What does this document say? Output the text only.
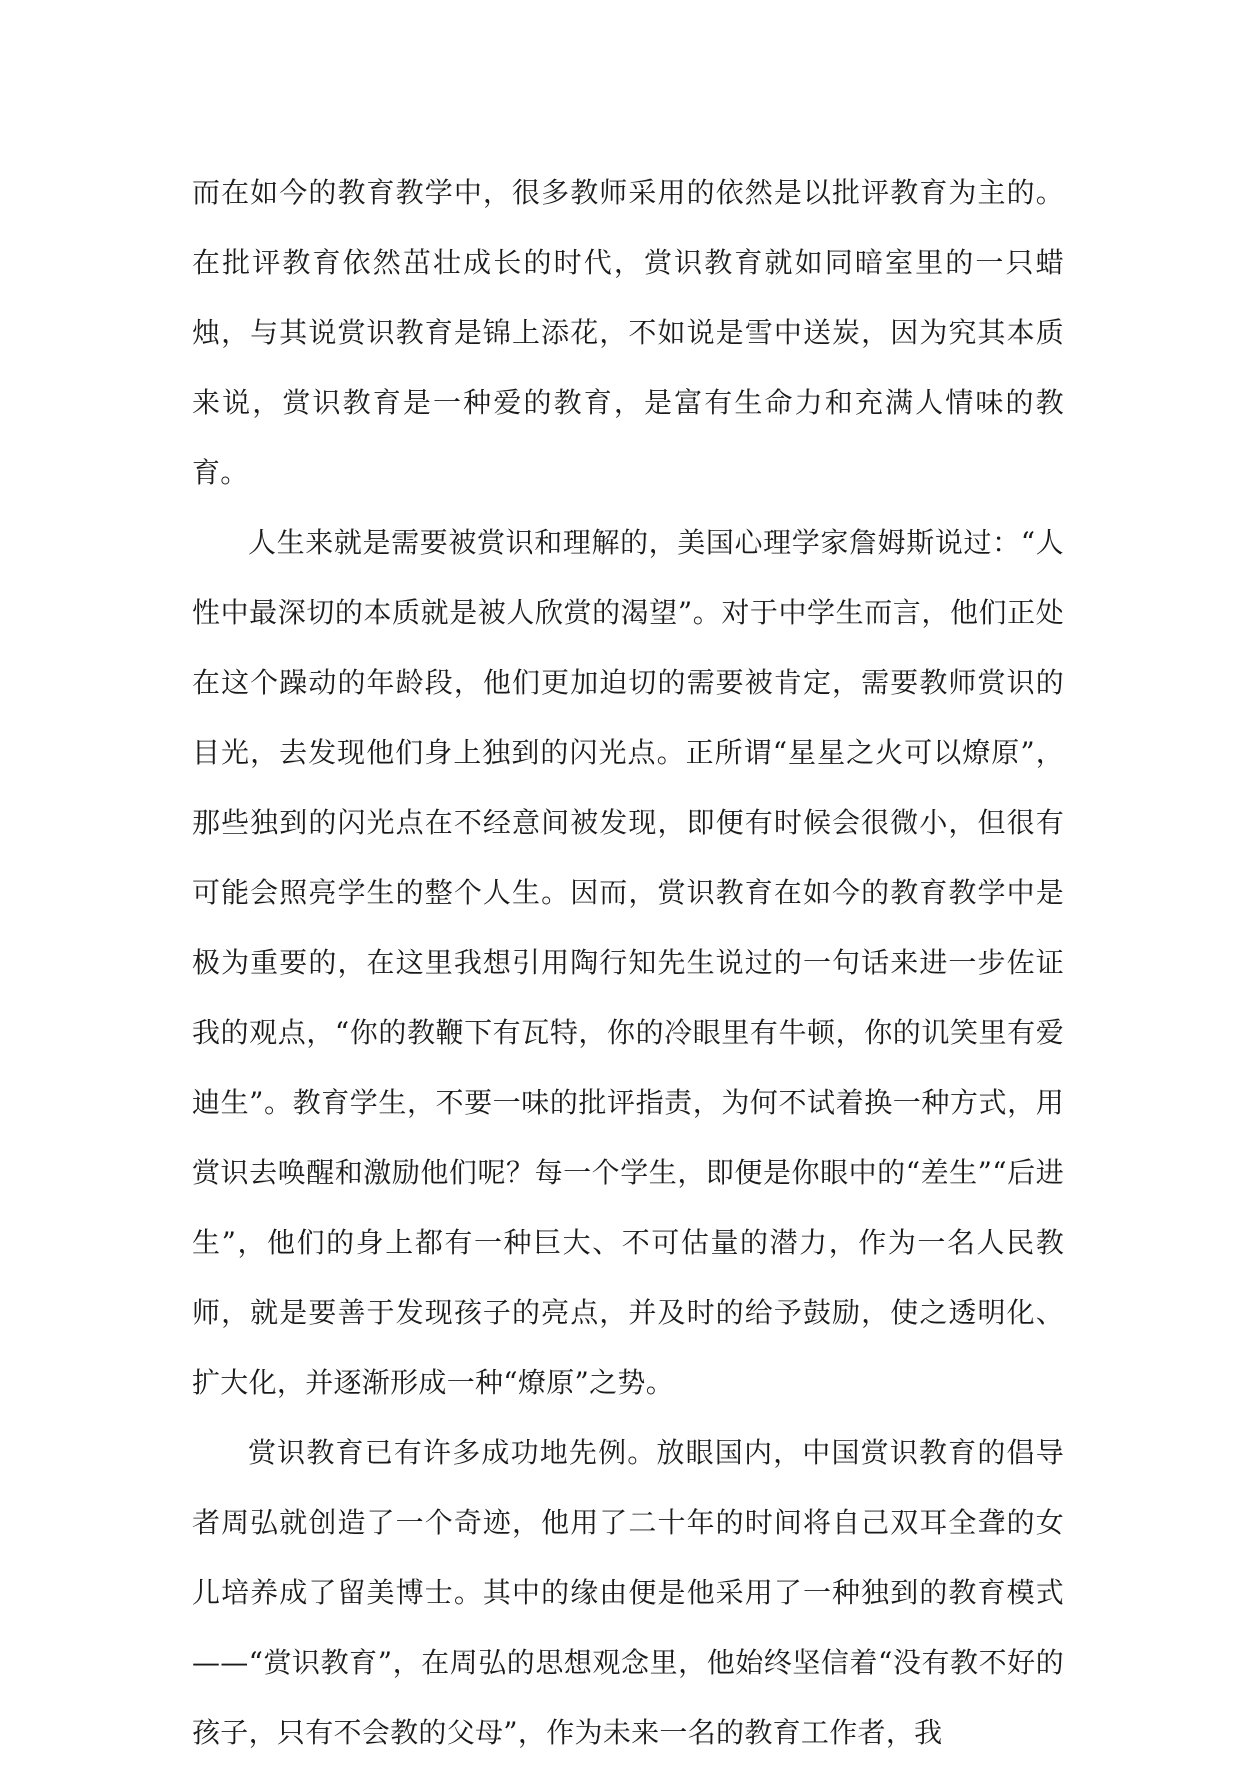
而在如今的教育教学中，很多教师采用的依然是以批评教育为主的。在批评教育依然茁壮成长的时代，赏识教育就如同暗室里的一只蜡烛，与其说赏识教育是锦上添花，不如说是雪中送炭，因为究其本质来说，赏识教育是一种爱的教育，是富有生命力和充满人情味的教育。

人生来就是需要被赏识和理解的，美国心理学家詹姆斯说过：“人性中最深切的本质就是被人欣赏的渴望”。对于中学生而言，他们正处在这个躁动的年龄段，他们更加迫切的需要被肯定，需要教师赏识的目光，去发现他们身上独到的闪光点。正所谓“星星之火可以燎原”，那些独到的闪光点在不经意间被发现，即便有时候会很微小，但很有可能会照亮学生的整个人生。因而，赏识教育在如今的教育教学中是极为重要的，在这里我想引用陶行知先生说过的一句话来进一步佐证我的观点，“你的教鞭下有瓦特，你的冷眼里有牛顿，你的讥笑里有爱迪生”。教育学生，不要一味的批评指责，为何不试着换一种方式，用赏识去唤醒和激励他们呢？每一个学生，即便是你眼中的“差生”“后进生”，他们的身上都有一种巨大、不可估量的潜力，作为一名人民教师，就是要善于发现孩子的亮点，并及时的给予鼓励，使之透明化、扩大化，并逐渐形成一种“燎原”之势。

赏识教育已有许多成功地先例。放眼国内，中国赏识教育的倡导者周弘就创造了一个奇迹，他用了二十年的时间将自己双耳全聋的女儿培养成了留美博士。其中的缘由便是他采用了一种独到的教育模式——“赏识教育”，在周弘的思想观念里，他始终坚信着“没有教不好的孩子，只有不会教的父母”，作为未来一名的教育工作者，我
